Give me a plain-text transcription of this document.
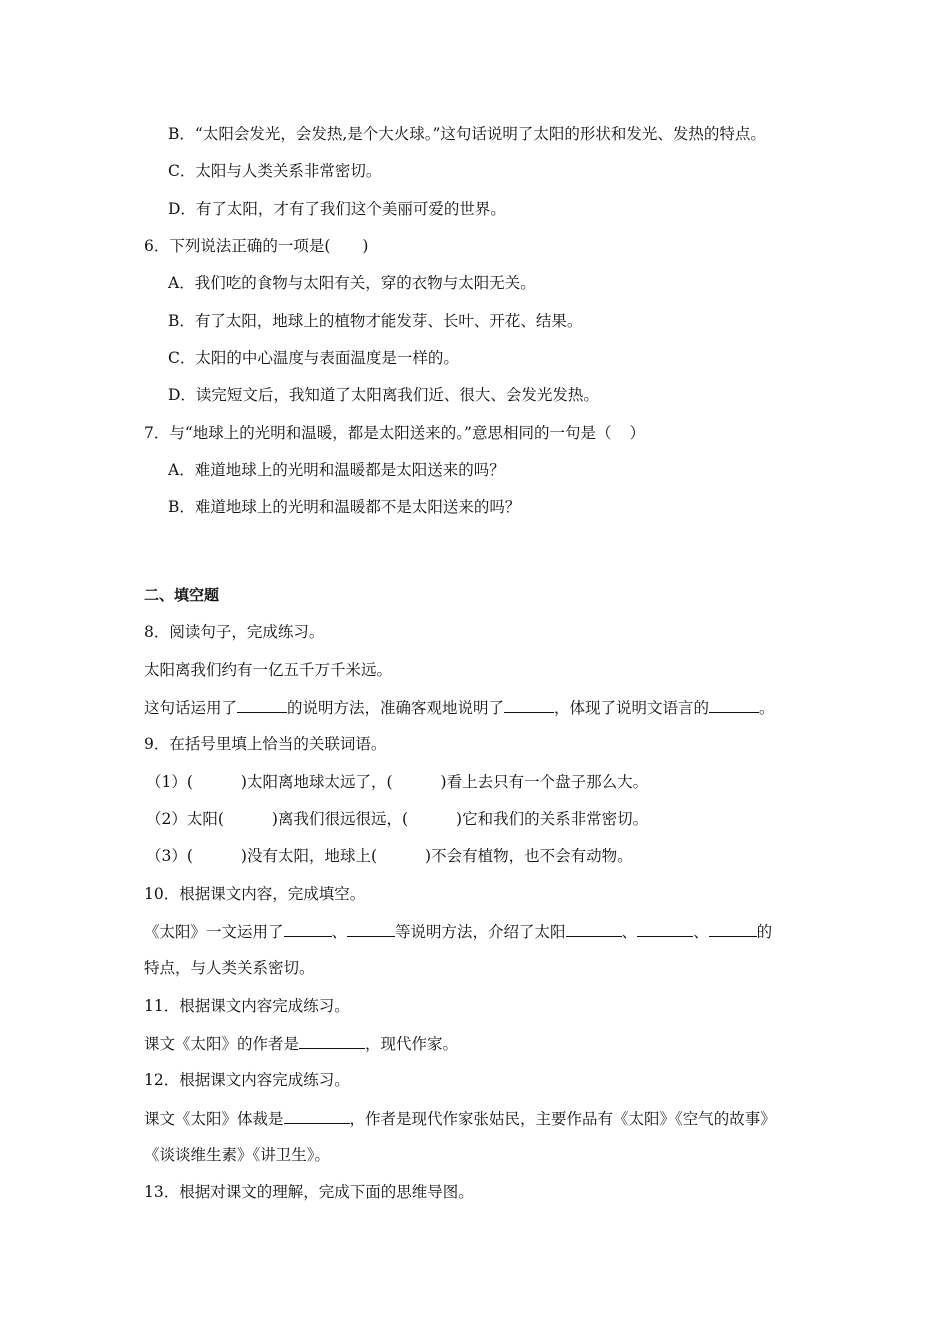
B．“太阳会发光，会发热,是个大火球。”这句话说明了太阳的形状和发光、发热的特点。
C．太阳与人类关系非常密切。
D．有了太阳，才有了我们这个美丽可爱的世界。
6．下列说法正确的一项是( )
A．我们吃的食物与太阳有关，穿的衣物与太阳无关。
B．有了太阳，地球上的植物才能发芽、长叶、开花、结果。
C．太阳的中心温度与表面温度是一样的。
D．读完短文后，我知道了太阳离我们近、很大、会发光发热。
7．与“地球上的光明和温暖，都是太阳送来的。”意思相同的一句是（ ）
A．难道地球上的光明和温暖都是太阳送来的吗？
B．难道地球上的光明和温暖都不是太阳送来的吗？
二、填空题
8．阅读句子，完成练习。
太阳离我们约有一亿五千万千米远。
这句话运用了	的说明方法，准确客观地说明了	，体现了说明文语言的	。
9．在括号里填上恰当的关联词语。
（1）(	)太阳离地球太远了，(	)看上去只有一个盘子那么大。
（2）太阳(	)离我们很远很远，(	)它和我们的关系非常密切。
（3）(	)没有太阳，地球上(	)不会有植物，也不会有动物。
10．根据课文内容，完成填空。
《太阳》一文运用了	、	等说明方法，介绍了太阳	、	、	的
特点，与人类关系密切。
11．根据课文内容完成练习。
课文《太阳》的作者是	，现代作家。
12．根据课文内容完成练习。
课文《太阳》体裁是	，作者是现代作家张姑民，主要作品有《太阳》《空气的故事》
《谈谈维生素》《讲卫生》。
13．根据对课文的理解，完成下面的思维导图。
